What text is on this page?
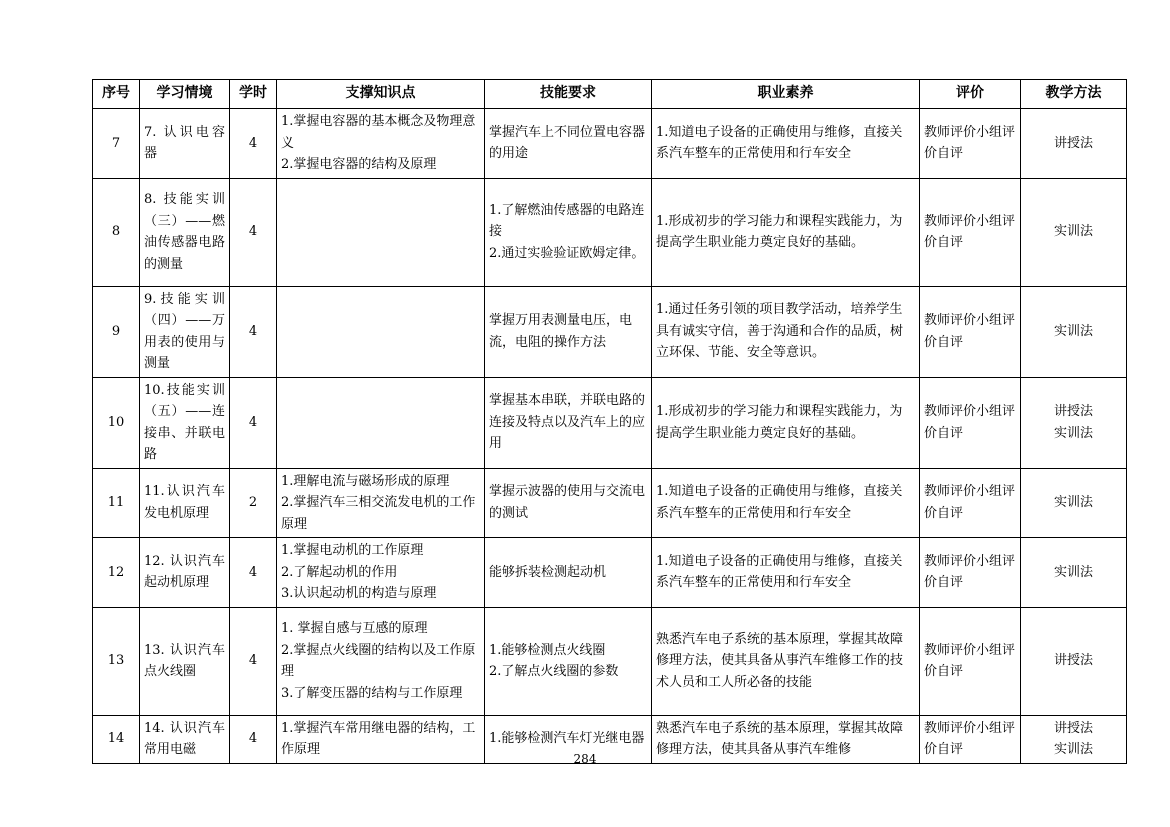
序号	学习情境	学时	支撑知识点	技能要求	职业素养	评价	教学方法
7	7. 认识电容器	4	1.掌握电容器的基本概念及物理意义
2.掌握电容器的结构及原理	掌握汽车上不同位置电容器的用途	1.知道电子设备的正确使用与维修，直接关系汽车整车的正常使用和行车安全	教师评价小组评价自评	讲授法

8	8. 技能实训（三）——燃油传感器电路的测量	4		1.了解燃油传感器的电路连接
2.通过实验验证欧姆定律。	1.形成初步的学习能力和课程实践能力，为提高学生职业能力奠定良好的基础。	教师评价小组评价自评	实训法

9	9.技能实训（四）——万用表的使用与测量	4		掌握万用表测量电压，电流，电阻的操作方法	1.通过任务引领的项目教学活动，培养学生具有诚实守信，善于沟通和合作的品质，树立环保、节能、安全等意识。	教师评价小组评价自评	实训法

10	10.技能实训（五）——连接串、并联电路	4		掌握基本串联，并联电路的连接及特点以及汽车上的应用	1.形成初步的学习能力和课程实践能力，为提高学生职业能力奠定良好的基础。	教师评价小组评价自评	讲授法
实训法

11	11.认识汽车发电机原理	2	1.理解电流与磁场形成的原理
2.掌握汽车三相交流发电机的工作原理	掌握示波器的使用与交流电的测试	1.知道电子设备的正确使用与维修，直接关系汽车整车的正常使用和行车安全	教师评价小组评价自评	实训法

12	12. 认识汽车起动机原理	4	1.掌握电动机的工作原理
2.了解起动机的作用
3.认识起动机的构造与原理	能够拆装检测起动机	1.知道电子设备的正确使用与维修，直接关系汽车整车的正常使用和行车安全	教师评价小组评价自评	实训法

13	13. 认识汽车点火线圈	4	1. 掌握自感与互感的原理
2.掌握点火线圈的结构以及工作原理
3.了解变压器的结构与工作原理	1.能够检测点火线圈
2.了解点火线圈的参数	熟悉汽车电子系统的基本原理，掌握其故障修理方法，使其具备从事汽车维修工作的技术人员和工人所必备的技能	教师评价小组评价自评	讲授法

14	14. 认识汽车常用电磁	4	1.掌握汽车常用继电器的结构，工作原理	1.能够检测汽车灯光继电器	熟悉汽车电子系统的基本原理，掌握其故障修理方法，使其具备从事汽车维修	教师评价小组评价自评	讲授法
实训法
284
